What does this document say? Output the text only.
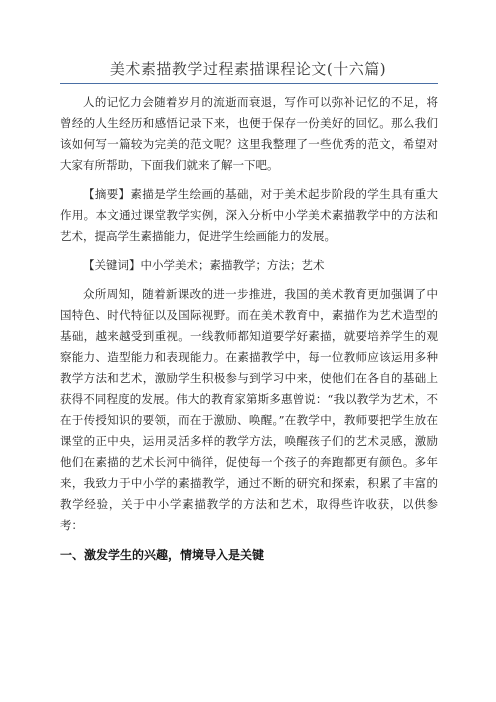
美术素描教学过程素描课程论文(十六篇)

人的记忆力会随着岁月的流逝而衰退，写作可以弥补记忆的不足，将曾经的人生经历和感悟记录下来，也便于保存一份美好的回忆。那么我们该如何写一篇较为完美的范文呢？这里我整理了一些优秀的范文，希望对大家有所帮助，下面我们就来了解一下吧。

【摘要】素描是学生绘画的基础，对于美术起步阶段的学生具有重大作用。本文通过课堂教学实例，深入分析中小学美术素描教学中的方法和艺术，提高学生素描能力，促进学生绘画能力的发展。

【关键词】中小学美术；素描教学；方法；艺术

众所周知，随着新课改的进一步推进，我国的美术教育更加强调了中国特色、时代特征以及国际视野。而在美术教育中，素描作为艺术造型的基础，越来越受到重视。一线教师都知道要学好素描，就要培养学生的观察能力、造型能力和表现能力。在素描教学中，每一位教师应该运用多种教学方法和艺术，激励学生积极参与到学习中来，使他们在各自的基础上获得不同程度的发展。伟大的教育家第斯多惠曾说：“我以教学为艺术，不在于传授知识的要领，而在于激励、唤醒。”在教学中，教师要把学生放在课堂的正中央，运用灵活多样的教学方法，唤醒孩子们的艺术灵感，激励他们在素描的艺术长河中徜徉，促使每一个孩子的奔跑都更有颜色。多年来，我致力于中小学的素描教学，通过不断的研究和探索，积累了丰富的教学经验，关于中小学素描教学的方法和艺术，取得些许收获，以供参考：

一、激发学生的兴趣，情境导入是关键
